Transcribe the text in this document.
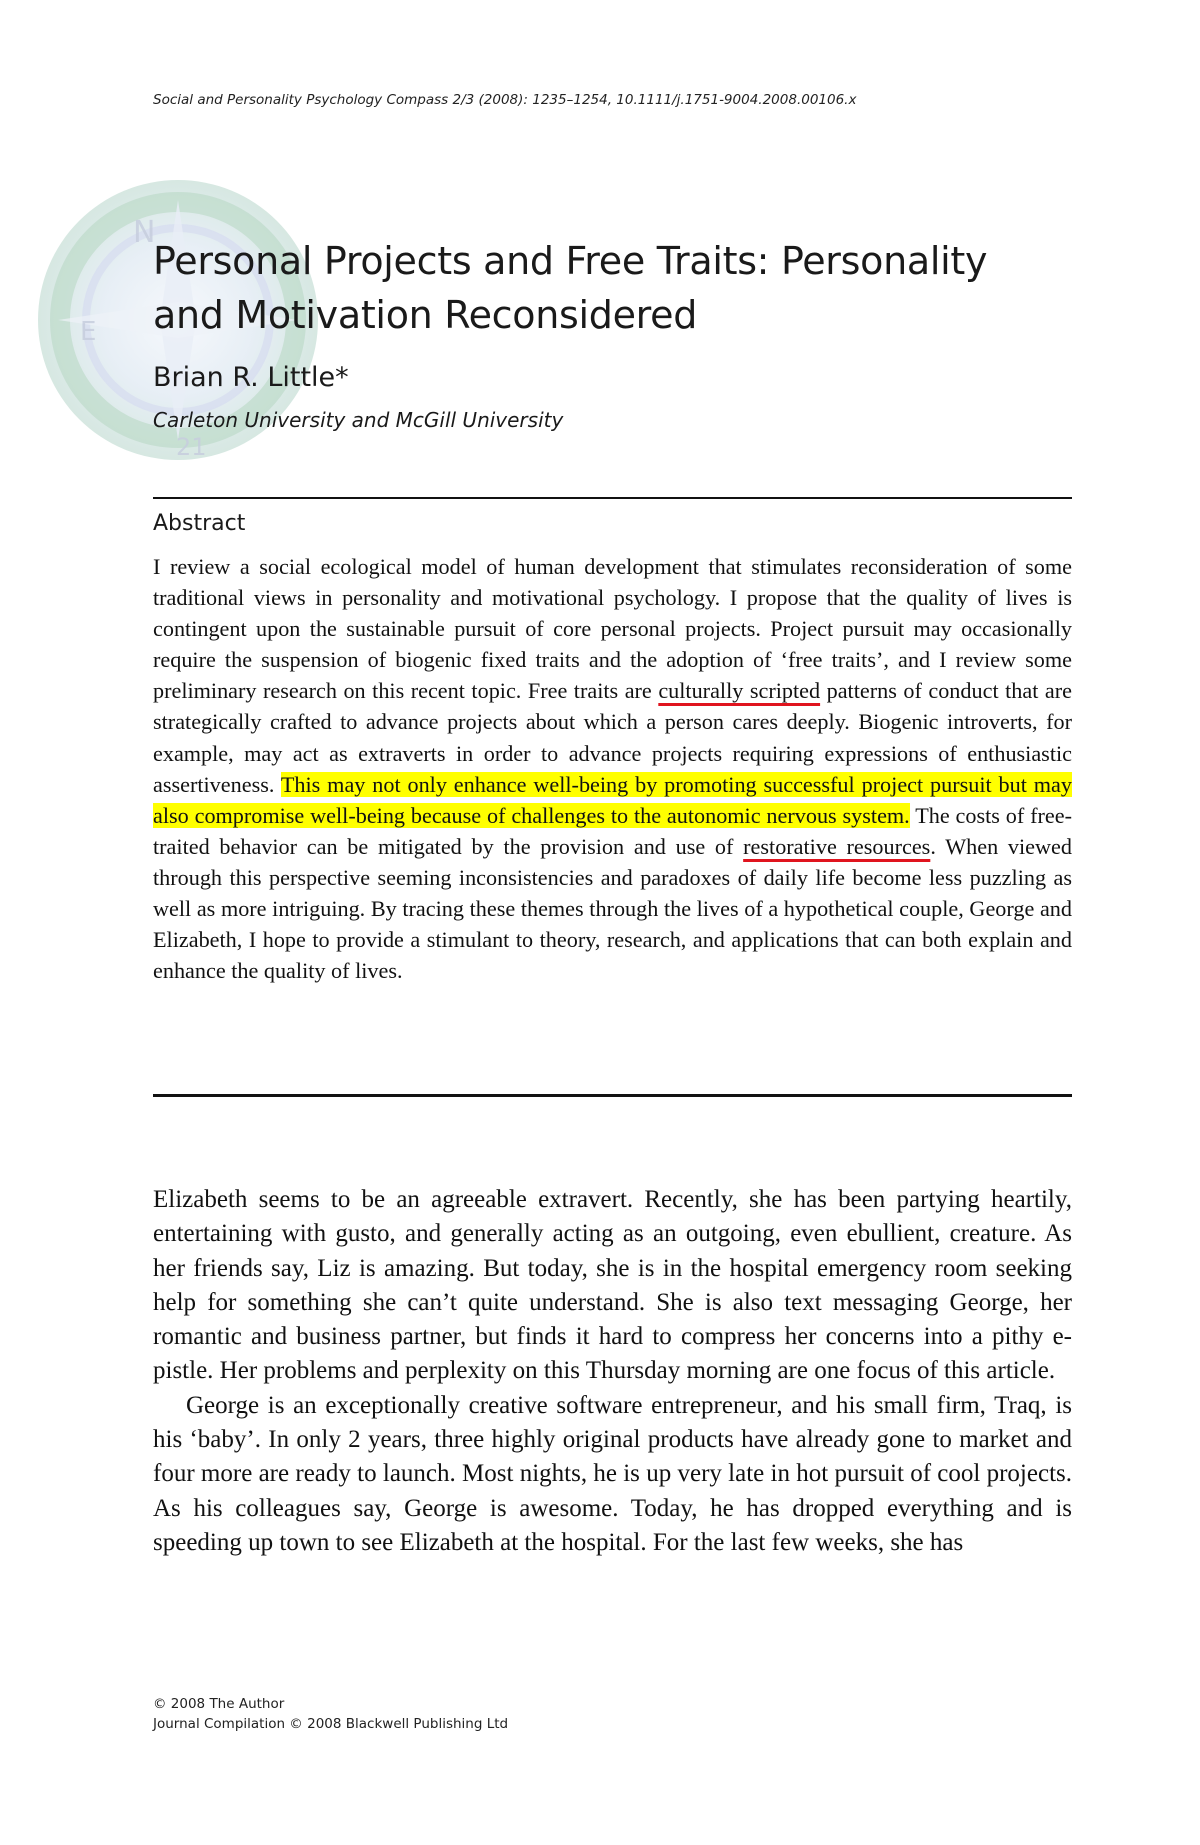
Social and Personality Psychology Compass 2/3 (2008): 1235–1254, 10.1111/j.1751-9004.2008.00106.x
N
E
21
Personal Projects and Free Traits: Personality and Motivation Reconsidered
Brian R. Little*
Carleton University and McGill University
Abstract
I review a social ecological model of human development that stimulates reconsideration of some traditional views in personality and motivational psychology. I propose that the quality of lives is contingent upon the sustainable pursuit of core personal projects. Project pursuit may occasionally require the suspension of biogenic fixed traits and the adoption of ‘free traits’, and I review some preliminary research on this recent topic. Free traits are culturally scripted patterns of conduct that are strategically crafted to advance projects about which a person cares deeply. Biogenic introverts, for example, may act as extraverts in order to advance projects requiring expressions of enthusiastic assertiveness. This may not only enhance well-being by promoting successful project pursuit but may also compromise well-being because of challenges to the autonomic nervous system. The costs of free-traited behavior can be mitigated by the provision and use of restorative resources. When viewed through this perspective seeming inconsistencies and paradoxes of daily life become less puzzling as well as more intriguing. By tracing these themes through the lives of a hypothetical couple, George and Elizabeth, I hope to provide a stimulant to theory, research, and applications that can both explain and enhance the quality of lives.

Elizabeth seems to be an agreeable extravert. Recently, she has been partying heartily, entertaining with gusto, and generally acting as an outgoing, even ebullient, creature. As her friends say, Liz is amazing. But today, she is in the hospital emergency room seeking help for something she can’t quite understand. She is also text messaging George, her romantic and business partner, but finds it hard to compress her concerns into a pithy e-pistle. Her problems and perplexity on this Thursday morning are one focus of this article.

George is an exceptionally creative software entrepreneur, and his small firm, Traq, is his ‘baby’. In only 2 years, three highly original products have already gone to market and four more are ready to launch. Most nights, he is up very late in hot pursuit of cool projects. As his colleagues say, George is awesome. Today, he has dropped everything and is speeding up town to see Elizabeth at the hospital. For the last few weeks, she has

© 2008 The Author
Journal Compilation © 2008 Blackwell Publishing Ltd
